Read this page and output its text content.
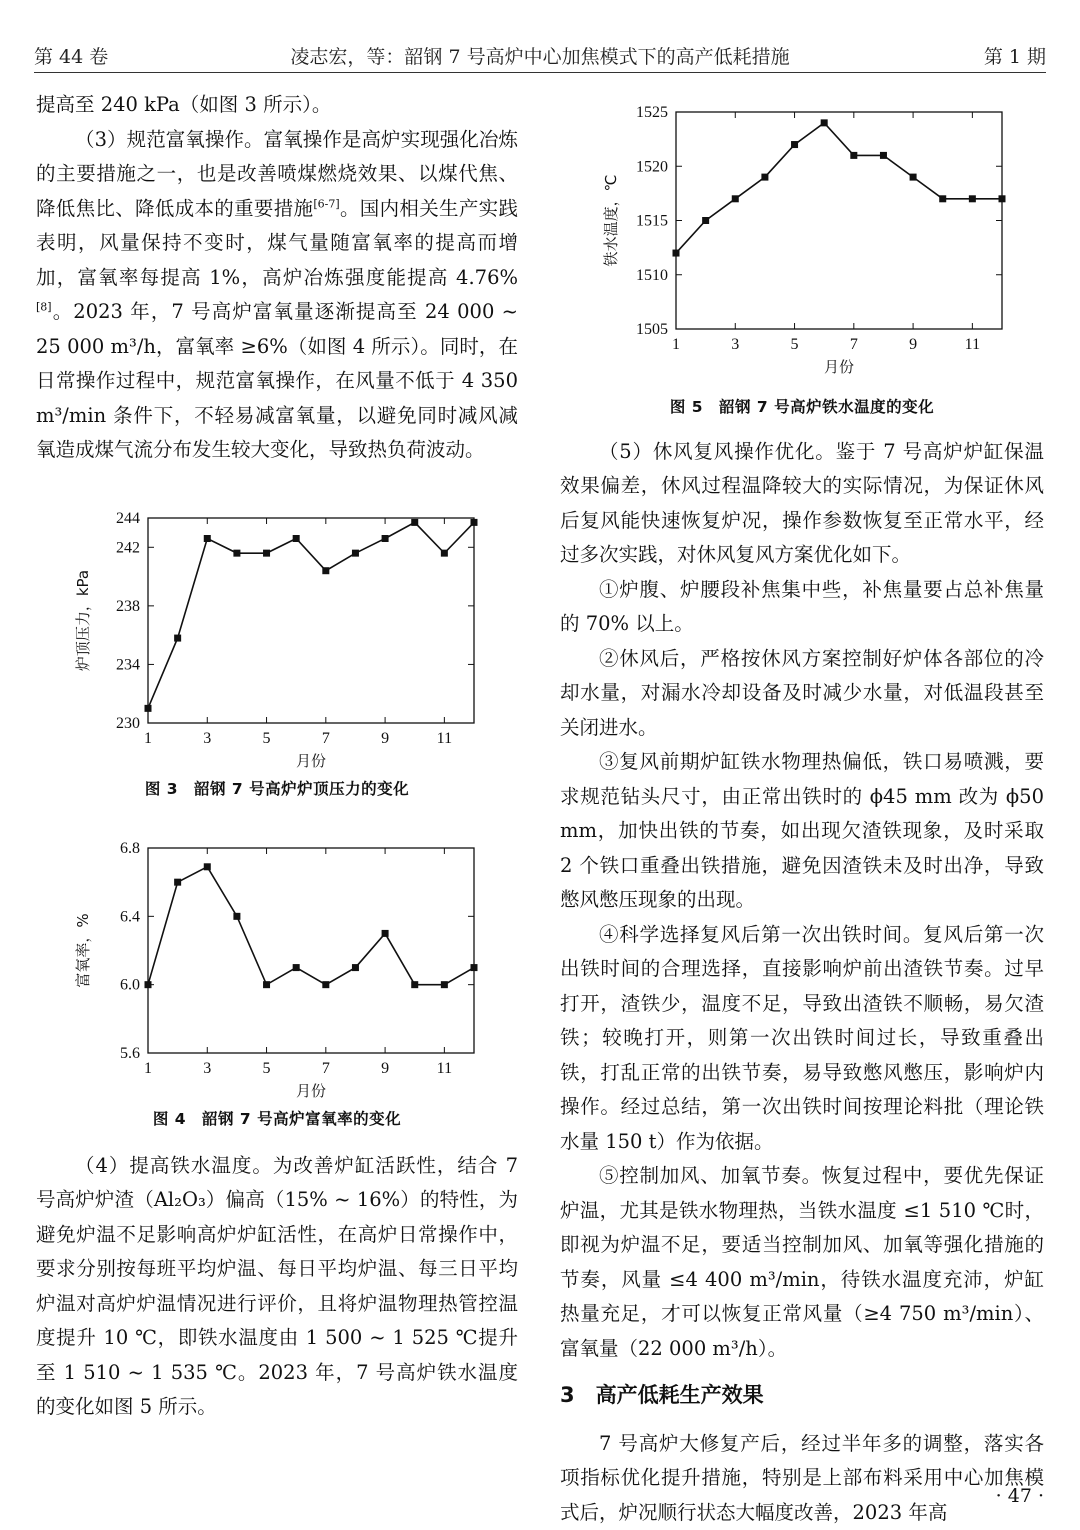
第 44 卷	凌志宏，等：韶钢 7 号高炉中心加焦模式下的高产低耗措施	第 1 期

提高至 240 kPa（如图 3 所示）。

（3）规范富氧操作。富氧操作是高炉实现强化冶炼的主要措施之一，也是改善喷煤燃烧效果、以煤代焦、降低焦比、降低成本的重要措施[6-7]。国内相关生产实践表明，风量保持不变时，煤气量随富氧率的提高而增加，富氧率每提高 1%，高炉冶炼强度能提高 4.76%[8]。2023 年，7 号高炉富氧量逐渐提高至 24 000 ~ 25 000 m³/h，富氧率 ≥6%（如图 4 所示）。同时，在日常操作过程中，规范富氧操作，在风量不低于 4 350 m³/min 条件下，不轻易减富氧量，以避免同时减风减氧造成煤气流分布发生较大变化，导致热负荷波动。

230
234
238
242
244
1	3	5	7	9	11
月份
炉顶压力，kPa
图 3　韶钢 7 号高炉炉顶压力的变化
5.6
6.0
6.4
6.8
1	3	5	7	9	11
月份
富氧率，%
图 4　韶钢 7 号高炉富氧率的变化

（4）提高铁水温度。为改善炉缸活跃性，结合 7 号高炉炉渣（Al₂O₃）偏高（15% ~ 16%）的特性，为避免炉温不足影响高炉炉缸活性，在高炉日常操作中，要求分别按每班平均炉温、每日平均炉温、每三日平均炉温对高炉炉温情况进行评价，且将炉温物理热管控温度提升 10 ℃，即铁水温度由 1 500 ~ 1 525 ℃提升至 1 510 ~ 1 535 ℃。2023 年，7 号高炉铁水温度的变化如图 5 所示。

1505
1510
1515
1520
1525
1	3	5	7	9	11
月份
铁水温度，℃
图 5　韶钢 7 号高炉铁水温度的变化

（5）休风复风操作优化。鉴于 7 号高炉炉缸保温效果偏差，休风过程温降较大的实际情况，为保证休风后复风能快速恢复炉况，操作参数恢复至正常水平，经过多次实践，对休风复风方案优化如下。

①炉腹、炉腰段补焦集中些，补焦量要占总补焦量的 70% 以上。

②休风后，严格按休风方案控制好炉体各部位的冷却水量，对漏水冷却设备及时减少水量，对低温段甚至关闭进水。

③复风前期炉缸铁水物理热偏低，铁口易喷溅，要求规范钻头尺寸，由正常出铁时的 ϕ45 mm 改为 ϕ50 mm，加快出铁的节奏，如出现欠渣铁现象，及时采取 2 个铁口重叠出铁措施，避免因渣铁未及时出净，导致憋风憋压现象的出现。

④科学选择复风后第一次出铁时间。复风后第一次出铁时间的合理选择，直接影响炉前出渣铁节奏。过早打开，渣铁少，温度不足，导致出渣铁不顺畅，易欠渣铁；较晚打开，则第一次出铁时间过长，导致重叠出铁，打乱正常的出铁节奏，易导致憋风憋压，影响炉内操作。经过总结，第一次出铁时间按理论料批（理论铁水量 150 t）作为依据。

⑤控制加风、加氧节奏。恢复过程中，要优先保证炉温，尤其是铁水物理热，当铁水温度 ≤1 510 ℃时，即视为炉温不足，要适当控制加风、加氧等强化措施的节奏，风量 ≤4 400 m³/min，待铁水温度充沛，炉缸热量充足，才可以恢复正常风量（≥4 750 m³/min）、富氧量（22 000 m³/h）。

3　高产低耗生产效果

7 号高炉大修复产后，经过半年多的调整，落实各项指标优化提升措施，特别是上部布料采用中心加焦模式后，炉况顺行状态大幅度改善，2023 年高

· 47 ·
